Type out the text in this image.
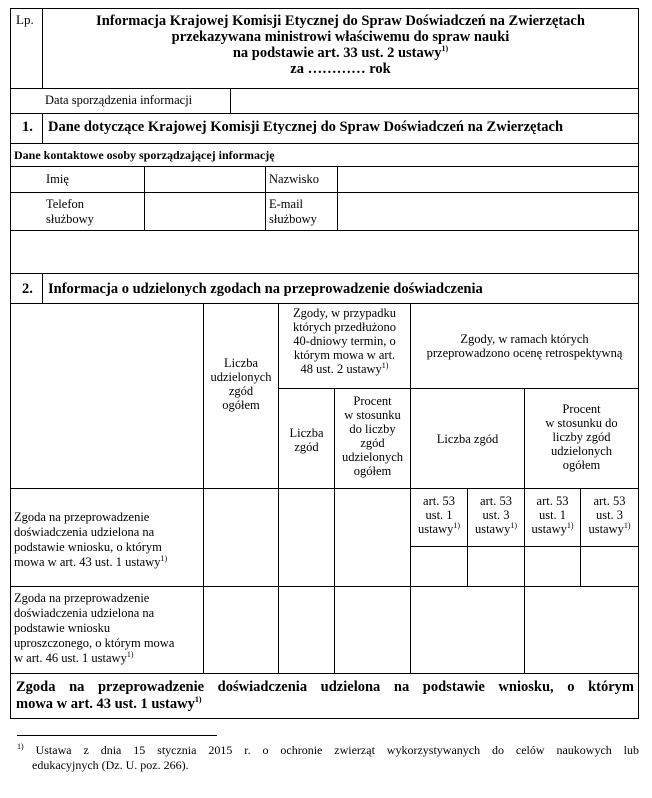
Lp.	Informacja Krajowej Komisji Etycznej do Spraw Doświadczeń na Zwierzętach
przekazywana ministrowi właściwemu do spraw nauki
na podstawie art. 33 ust. 2 ustawy$^{1)}$
za ………… rok
Data sporządzenia informacji
1. Dane dotyczące Krajowej Komisji Etycznej do Spraw Doświadczeń na Zwierzętach
Dane kontaktowe osoby sporządzającej informację
Imię	Nazwisko
Telefon
służbowy
E-mail
służbowy
2. Informacja o udzielonych zgodach na przeprowadzenie doświadczenia
Liczba
udzielonych
zgód
ogółem
Zgody, w przypadku
których przedłużono
40-dniowy termin, o
którym mowa w art.
48 ust. 2 ustawy$^{1)}$
Zgody, w ramach których
przeprowadzono ocenę retrospektywną
Liczba
zgód
Procent
w stosunku
do liczby
zgód
udzielonych
ogółem
Liczba zgód
Procent
w stosunku do
liczby zgód
udzielonych
ogółem
art. 53
ust. 1
ustawy$^{1)}$
art. 53
ust. 3
ustawy$^{1)}$
art. 53
ust. 1
ustawy$^{1)}$
art. 53
ust. 3
ustawy$^{1)}$
Zgoda na przeprowadzenie
doświadczenia udzielona na
podstawie wniosku, o którym
mowa w art. 43 ust. 1 ustawy$^{1)}$
Zgoda na przeprowadzenie
doświadczenia udzielona na
podstawie wniosku
uproszczonego, o którym mowa
w art. 46 ust. 1 ustawy$^{1)}$
Zgoda na przeprowadzenie doświadczenia udzielona na podstawie wniosku, o którym
mowa w art. 43 ust. 1 ustawy$^{1)}$
$^{1)}$ Ustawa z dnia 15 stycznia 2015 r. o ochronie zwierząt wykorzystywanych do celów naukowych lub
edukacyjnych (Dz. U. poz. 266).
